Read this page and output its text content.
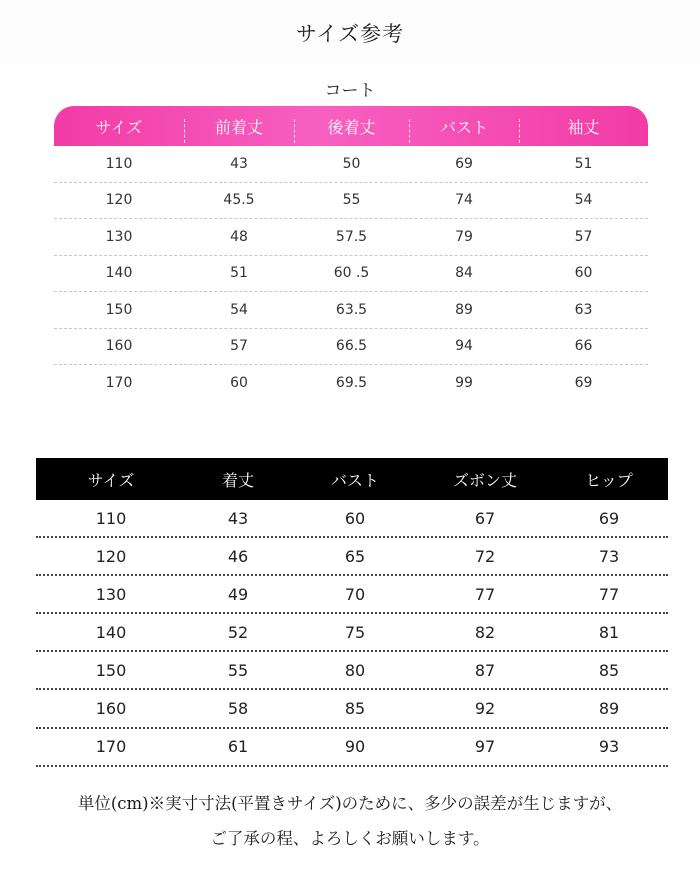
サイズ参考
コート
サイズ	前着丈	後着丈	バスト	袖丈
110	43	50	69	51
120	45.5	55	74	54
130	48	57.5	79	57
140	51	60 .5	84	60
150	54	63.5	89	63
160	57	66.5	94	66
170	60	69.5	99	69
サイズ	着丈	バスト	ズボン丈	ヒップ
110	43	60	67	69
120	46	65	72	73
130	49	70	77	77
140	52	75	82	81
150	55	80	87	85
160	58	85	92	89
170	61	90	97	93
単位(cm)※実寸寸法(平置きサイズ)のために、多少の誤差が生じますが、
ご了承の程、よろしくお願いします。
